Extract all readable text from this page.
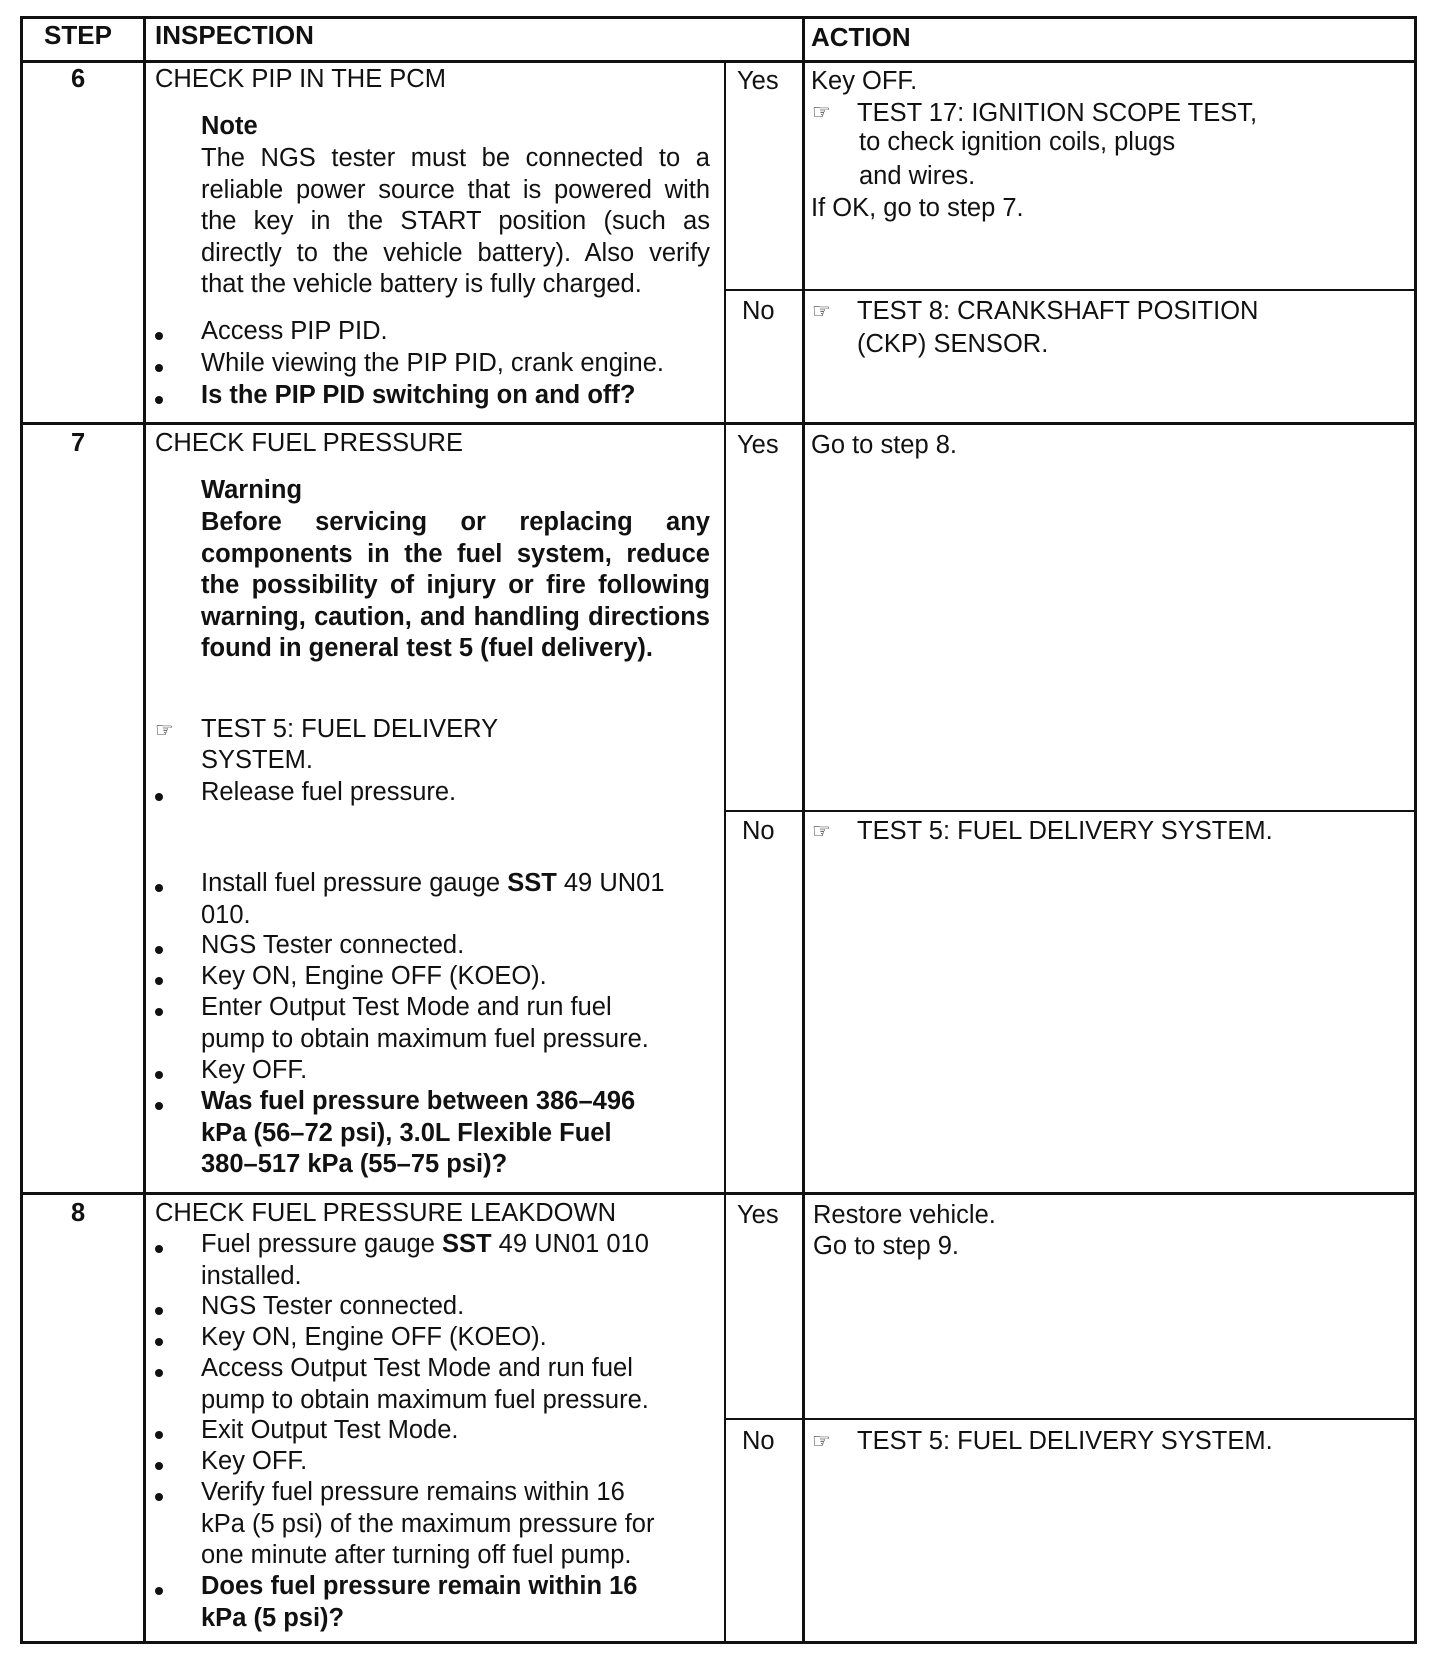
STEP INSPECTION	ACTION
6	CHECK PIP IN THE PCM
Note
The NGS tester must be connected to a reliable power source that is powered with the key in the START position (such as directly to the vehicle battery). Also verify that the vehicle battery is fully charged.
Access PIP PID.
While viewing the PIP PID, crank engine.
Is the PIP PID switching on and off?
Yes Key OFF.
☞ TEST 17: IGNITION SCOPE TEST,
to check ignition coils, plugs
and wires.
If OK, go to step 7.
No ☞ TEST 8: CRANKSHAFT POSITION
(CKP) SENSOR.
7	CHECK FUEL PRESSURE
Warning
Before servicing or replacing any components in the fuel system, reduce the possibility of injury or fire following warning, caution, and handling directions found in general test 5 (fuel delivery).
☞ TEST 5: FUEL DELIVERY
SYSTEM.
Release fuel pressure.
Install fuel pressure gauge SST 49 UN01
010.
NGS Tester connected.
Key ON, Engine OFF (KOEO).
Enter Output Test Mode and run fuel
pump to obtain maximum fuel pressure.
Key OFF.
Was fuel pressure between 386–496
kPa (56–72 psi), 3.0L Flexible Fuel
380–517 kPa (55–75 psi)?
Yes Go to step 8.
No ☞ TEST 5: FUEL DELIVERY SYSTEM.
8	CHECK FUEL PRESSURE LEAKDOWN
Fuel pressure gauge SST 49 UN01 010
installed.
NGS Tester connected.
Key ON, Engine OFF (KOEO).
Access Output Test Mode and run fuel
pump to obtain maximum fuel pressure.
Exit Output Test Mode.
Key OFF.
Verify fuel pressure remains within 16
kPa (5 psi) of the maximum pressure for
one minute after turning off fuel pump.
Does fuel pressure remain within 16
kPa (5 psi)?
Yes Restore vehicle.
Go to step 9.
No ☞ TEST 5: FUEL DELIVERY SYSTEM.
